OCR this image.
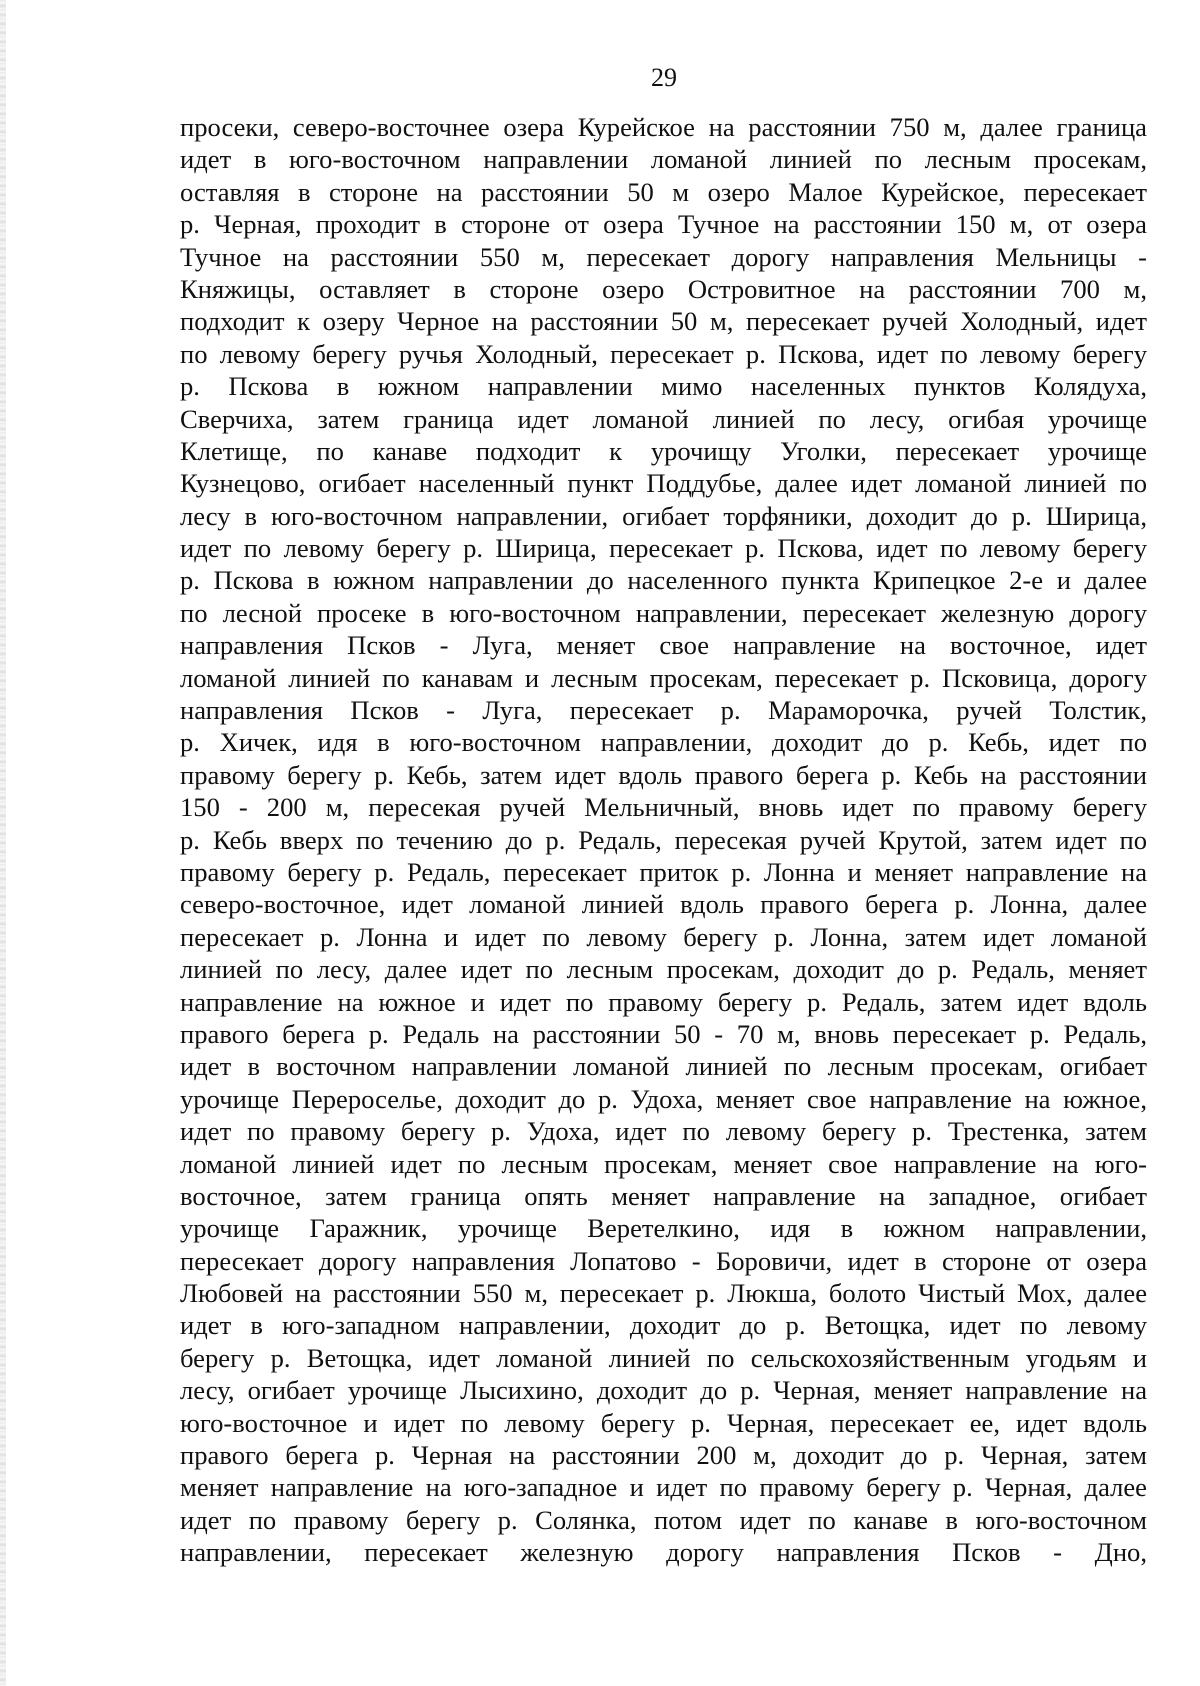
29
просеки, северо-восточнее озера Курейское на расстоянии 750 м, далее граница
идет в юго-восточном направлении ломаной линией по лесным просекам,
оставляя в стороне на расстоянии 50 м озеро Малое Курейское, пересекает
р. Черная, проходит в стороне от озера Тучное на расстоянии 150 м, от озера
Тучное на расстоянии 550 м, пересекает дорогу направления Мельницы -
Княжицы, оставляет в стороне озеро Островитное на расстоянии 700 м,
подходит к озеру Черное на расстоянии 50 м, пересекает ручей Холодный, идет
по левому берегу ручья Холодный, пересекает р. Пскова, идет по левому берегу
р. Пскова в южном направлении мимо населенных пунктов Колядуха,
Сверчиха, затем граница идет ломаной линией по лесу, огибая урочище
Клетище, по канаве подходит к урочищу Уголки, пересекает урочище
Кузнецово, огибает населенный пункт Поддубье, далее идет ломаной линией по
лесу в юго-восточном направлении, огибает торфяники, доходит до р. Ширица,
идет по левому берегу р. Ширица, пересекает р. Пскова, идет по левому берегу
р. Пскова в южном направлении до населенного пункта Крипецкое 2-е и далее
по лесной просеке в юго-восточном направлении, пересекает железную дорогу
направления Псков - Луга, меняет свое направление на восточное, идет
ломаной линией по канавам и лесным просекам, пересекает р. Псковица, дорогу
направления Псков - Луга, пересекает р. Мараморочка, ручей Толстик,
р. Хичек, идя в юго-восточном направлении, доходит до р. Кебь, идет по
правому берегу р. Кебь, затем идет вдоль правого берега р. Кебь на расстоянии
150 - 200 м, пересекая ручей Мельничный, вновь идет по правому берегу
р. Кебь вверх по течению до р. Редаль, пересекая ручей Крутой, затем идет по
правому берегу р. Редаль, пересекает приток р. Лонна и меняет направление на
северо-восточное, идет ломаной линией вдоль правого берега р. Лонна, далее
пересекает р. Лонна и идет по левому берегу р. Лонна, затем идет ломаной
линией по лесу, далее идет по лесным просекам, доходит до р. Редаль, меняет
направление на южное и идет по правому берегу р. Редаль, затем идет вдоль
правого берега р. Редаль на расстоянии 50 - 70 м, вновь пересекает р. Редаль,
идет в восточном направлении ломаной линией по лесным просекам, огибает
урочище Перероселье, доходит до р. Удоха, меняет свое направление на южное,
идет по правому берегу р. Удоха, идет по левому берегу р. Трестенка, затем
ломаной линией идет по лесным просекам, меняет свое направление на юго-
восточное, затем граница опять меняет направление на западное, огибает
урочище Гаражник, урочище Веретелкино, идя в южном направлении,
пересекает дорогу направления Лопатово - Боровичи, идет в стороне от озера
Любовей на расстоянии 550 м, пересекает р. Люкша, болото Чистый Мох, далее
идет в юго-западном направлении, доходит до р. Ветощка, идет по левому
берегу р. Ветощка, идет ломаной линией по сельскохозяйственным угодьям и
лесу, огибает урочище Лысихино, доходит до р. Черная, меняет направление на
юго-восточное и идет по левому берегу р. Черная, пересекает ее, идет вдоль
правого берега р. Черная на расстоянии 200 м, доходит до р. Черная, затем
меняет направление на юго-западное и идет по правому берегу р. Черная, далее
идет по правому берегу р. Солянка, потом идет по канаве в юго-восточном
направлении, пересекает железную дорогу направления Псков - Дно,
